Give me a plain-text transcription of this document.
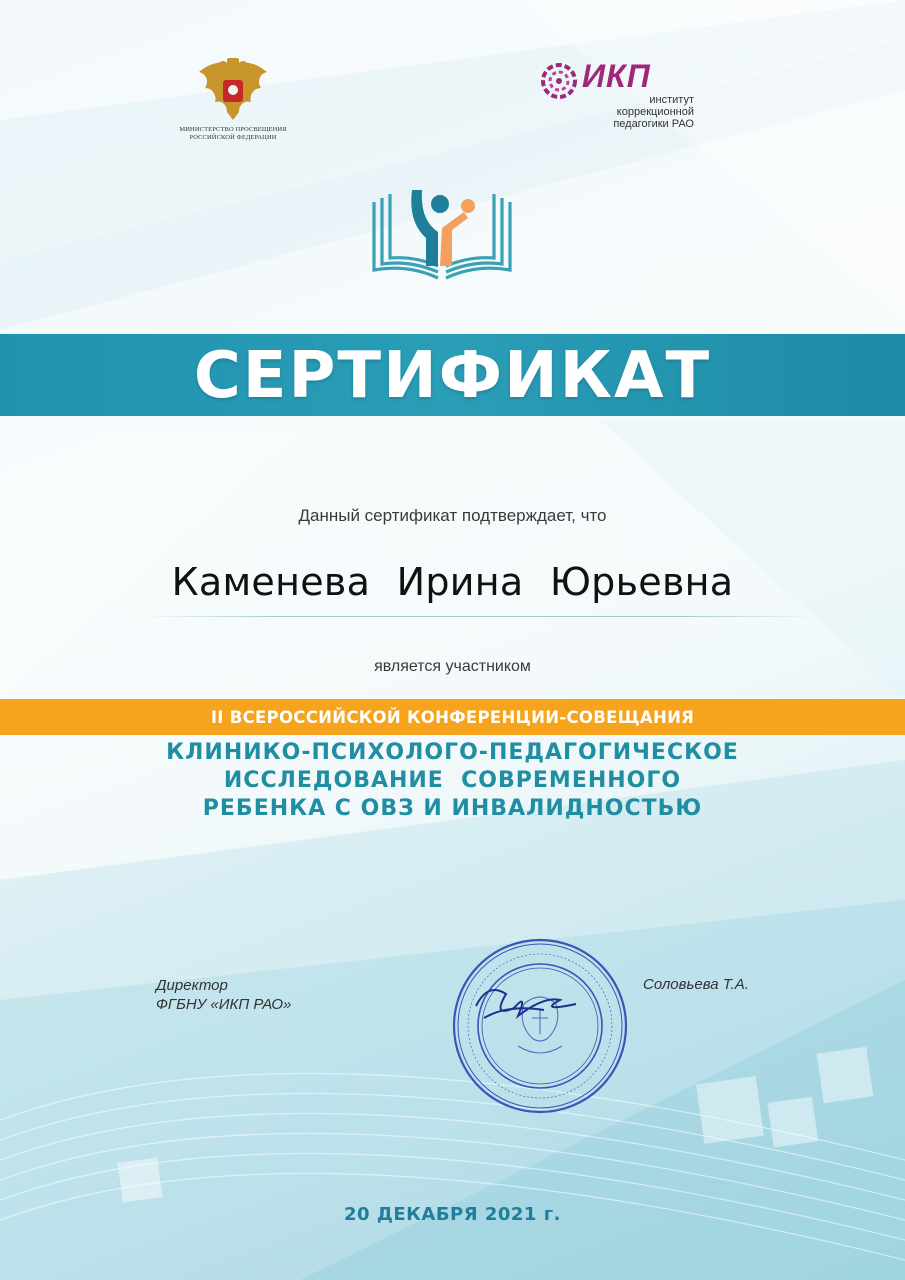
МИНИСТЕРСТВО ПРОСВЕЩЕНИЯ
РОССИЙСКОЙ ФЕДЕРАЦИИ
ИКП
институт
коррекционной
педагогики РАО
СЕРТИФИКАТ
Данный сертификат подтверждает, что
Каменева Ирина Юрьевна
является участником
II ВСЕРОССИЙСКОЙ КОНФЕРЕНЦИИ-СОВЕЩАНИЯ
КЛИНИКО-ПСИХОЛОГО-ПЕДАГОГИЧЕСКОЕ
ИССЛЕДОВАНИЕ  СОВРЕМЕННОГО
РЕБЕНКА С ОВЗ И ИНВАЛИДНОСТЬЮ
Директор
ФГБНУ «ИКП РАО»
Соловьева Т.А.
20 ДЕКАБРЯ 2021 г.
